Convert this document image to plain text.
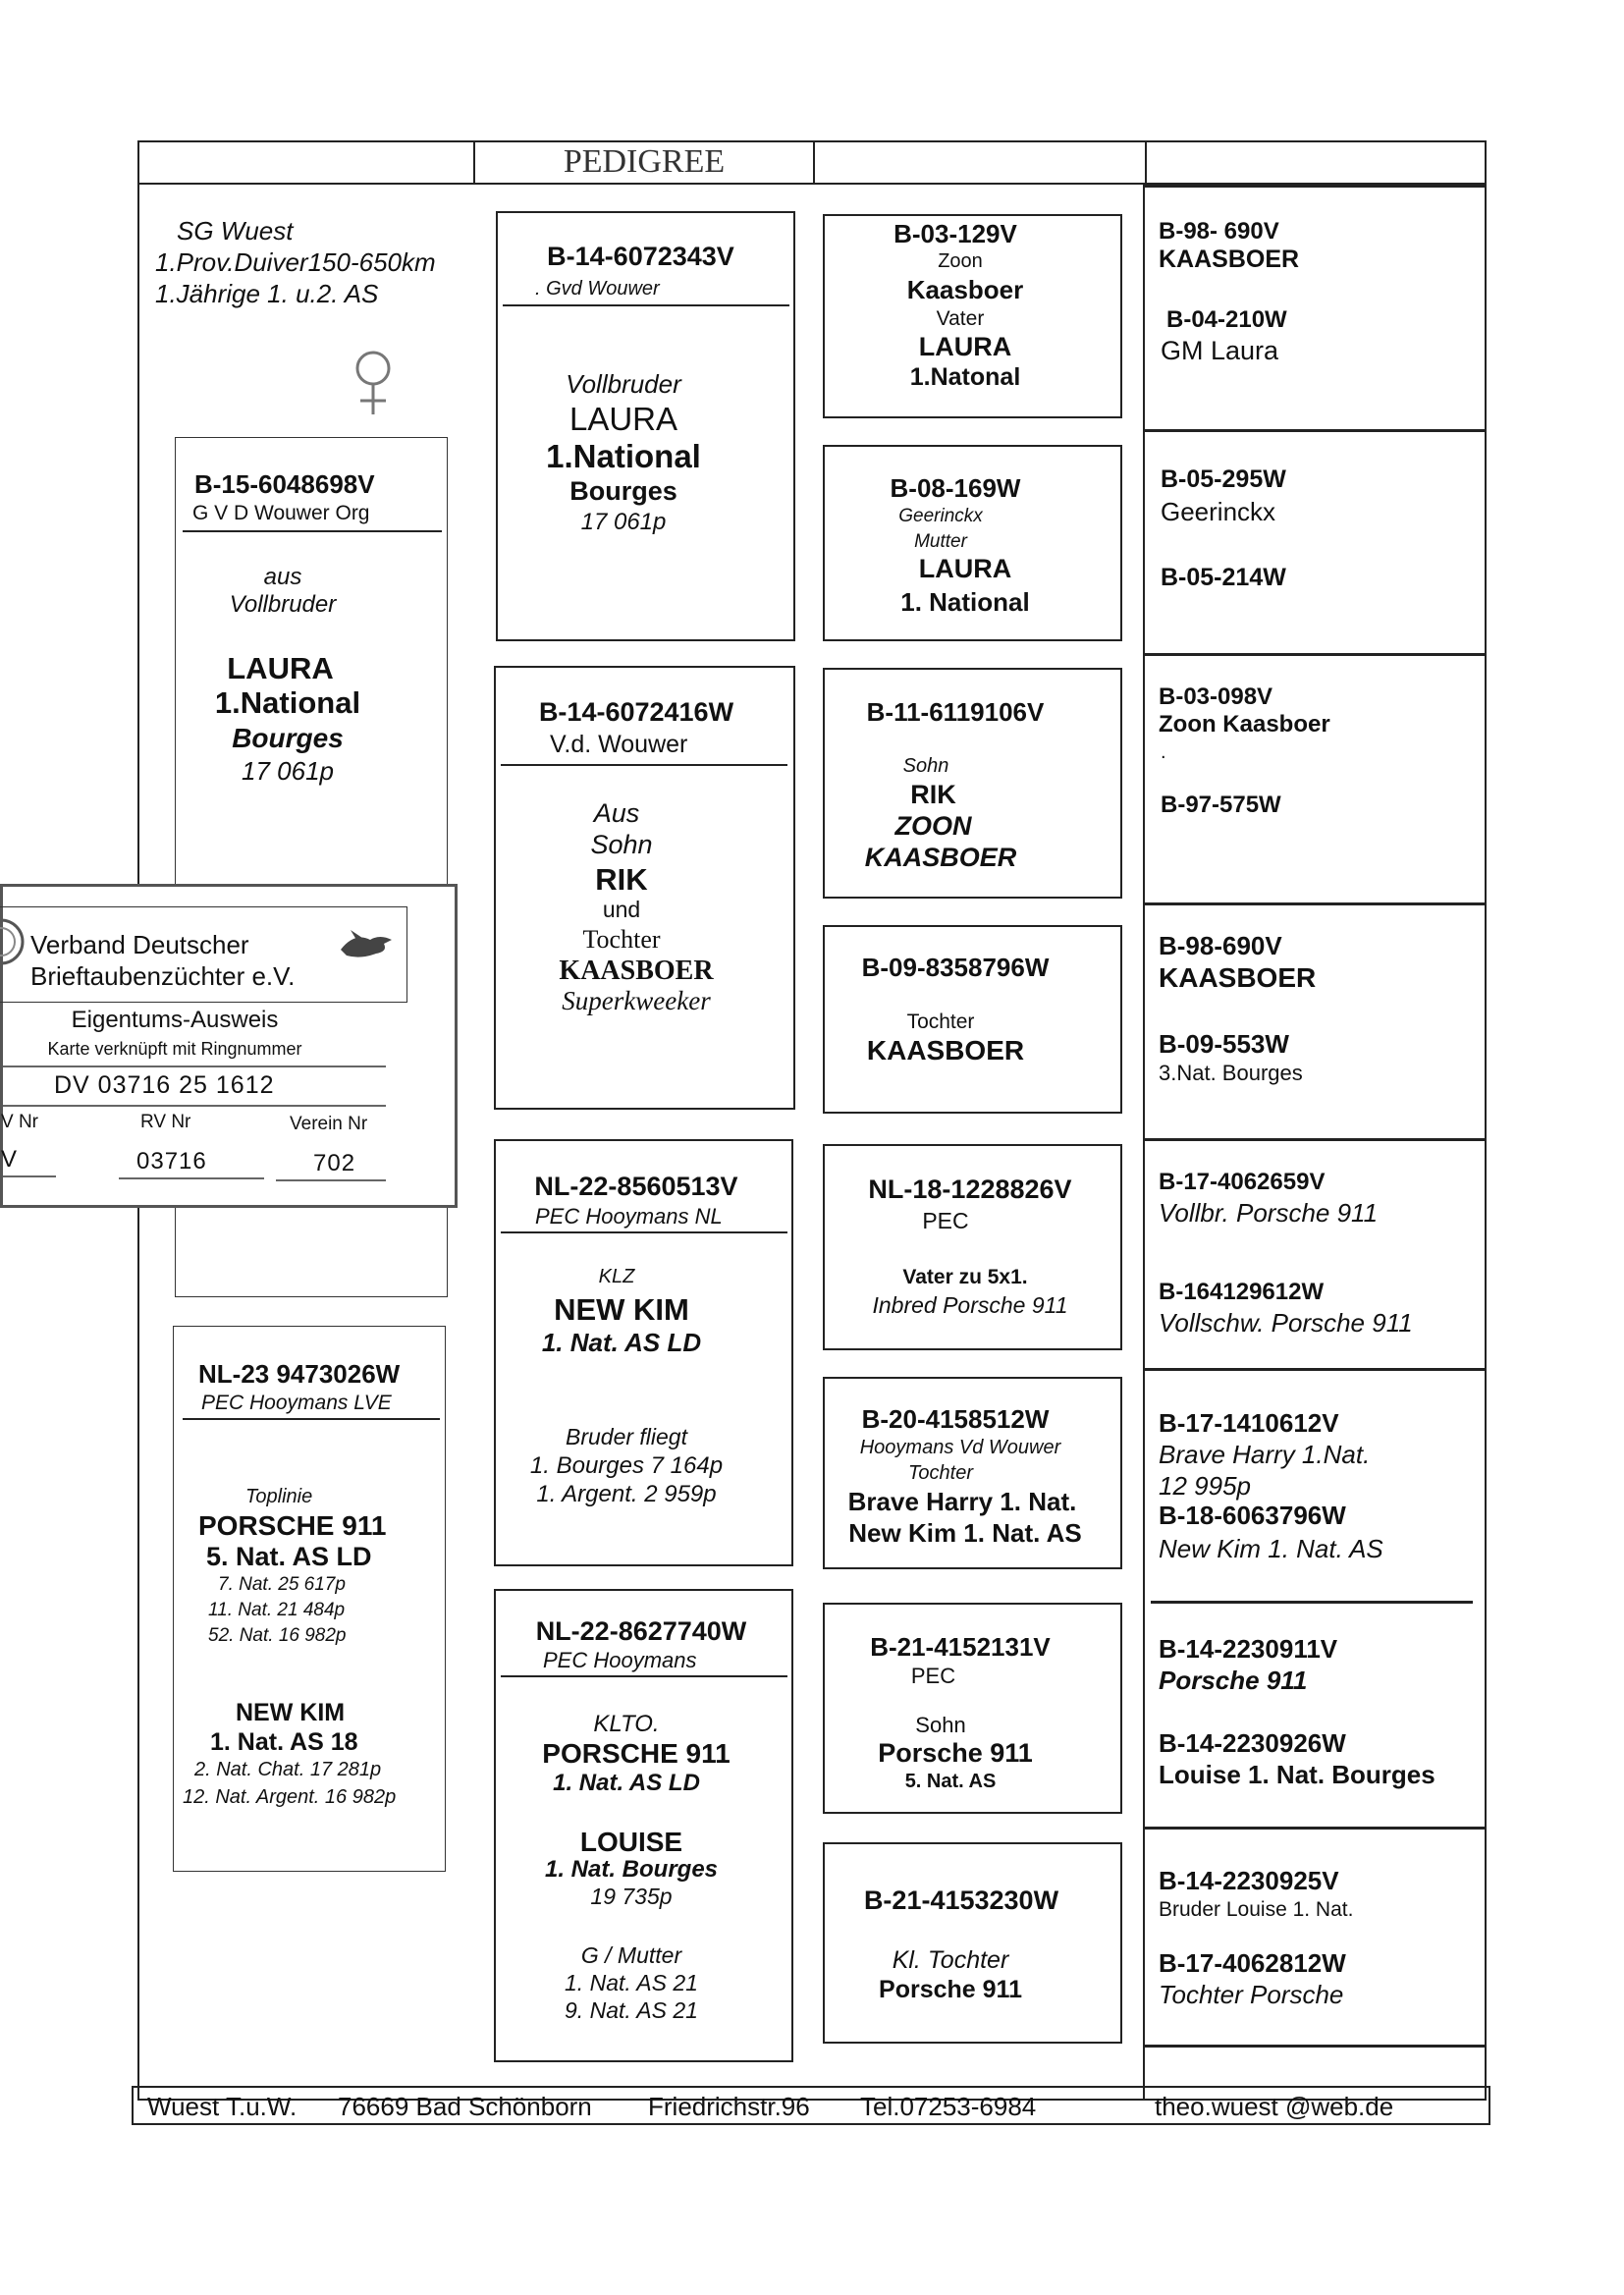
PEDIGREE
SG Wuest
1.Prov.Duiver150-650km
1.Jährige 1. u.2. AS
B-15-6048698V
G V D Wouwer Org
aus
Vollbruder
LAURA
1.National
Bourges
17 061p
NL-23 9473026W
PEC Hooymans LVE
Toplinie
PORSCHE 911
5. Nat. AS LD
7. Nat. 25 617p
11. Nat. 21 484p
52. Nat. 16 982p
NEW KIM
1. Nat. AS 18
2. Nat. Chat. 17 281p
12. Nat. Argent. 16 982p
B-14-6072343V
. Gvd Wouwer
Vollbruder
LAURA
1.National
Bourges
17 061p
B-14-6072416W
V.d. Wouwer
Aus
Sohn
RIK
und
Tochter
KAASBOER
Superkweeker
NL-22-8560513V
PEC Hooymans NL
KLZ
NEW KIM
1. Nat. AS LD
Bruder fliegt
1. Bourges 7 164p
1. Argent. 2 959p
NL-22-8627740W
PEC Hooymans
KLTO.
PORSCHE 911
1. Nat. AS LD
LOUISE
1. Nat. Bourges
19 735p
G / Mutter
1. Nat. AS 21
9. Nat. AS 21
B-03-129V
Zoon
Kaasboer
Vater
LAURA
1.Natonal
B-08-169W
Geerinckx
Mutter
LAURA
1. National
B-11-6119106V
Sohn
RIK
ZOON
KAASBOER
B-09-8358796W
Tochter
KAASBOER
NL-18-1228826V
PEC
Vater zu 5x1.
Inbred Porsche 911
B-20-4158512W
Hooymans Vd Wouwer
Tochter
Brave Harry 1. Nat.
New Kim 1. Nat. AS
B-21-4152131V
PEC
Sohn
Porsche 911
5. Nat. AS
B-21-4153230W
Kl. Tochter
Porsche 911
B-98- 690V
KAASBOER
B-04-210W
GM Laura
B-05-295W
Geerinckx
B-05-214W
B-03-098V
Zoon Kaasboer
.
B-97-575W
B-98-690V
KAASBOER
B-09-553W
3.Nat. Bourges
B-17-4062659V
Vollbr. Porsche 911
B-164129612W
Vollschw. Porsche 911
B-17-1410612V
Brave Harry 1.Nat.
12 995p
B-18-6063796W
New Kim 1. Nat. AS
B-14-2230911V
Porsche 911
B-14-2230926W
Louise 1. Nat. Bourges
B-14-2230925V
Bruder Louise 1. Nat.
B-17-4062812W
Tochter Porsche
Wuest T.u.W. 76669 Bad Schönborn Friedrichstr.96 Tel.07253-6984	theo.wuest @web.de
Verband Deutscher
Brieftaubenzüchter e.V.
Eigentums-Ausweis
Karte verknüpft mit Ringnummer
DV 03716 25 1612
V Nr	RV Nr	Verein Nr
V	03716	702
